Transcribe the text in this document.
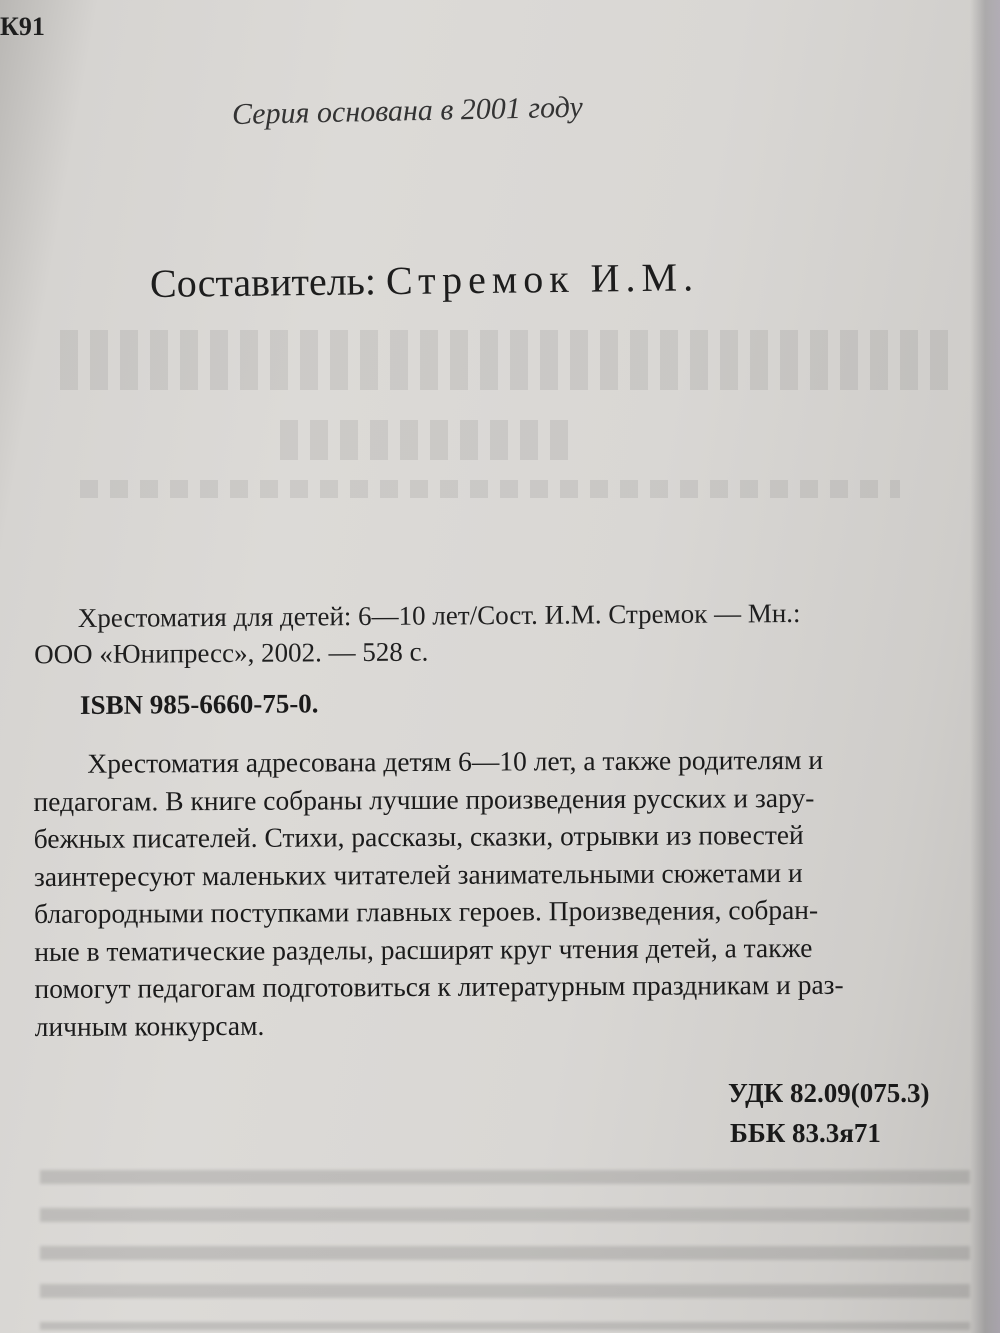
К91
Серия основана в 2001 году
Составитель: Стремок И.М.
Хрестоматия для детей: 6—10 лет/Сост. И.М. Стремок — Мн.:
ООО «Юнипресс», 2002. — 528 с.
ISBN 985-6660-75-0.
Хрестоматия адресована детям 6—10 лет, а также родителям и
педагогам. В книге собраны лучшие произведения русских и зару-
бежных писателей. Стихи, рассказы, сказки, отрывки из повестей
заинтересуют маленьких читателей занимательными сюжетами и
благородными поступками главных героев. Произведения, собран-
ные в тематические разделы, расширят круг чтения детей, а также
помогут педагогам подготовиться к литературным праздникам и раз-
личным конкурсам.
УДК 82.09(075.3)
ББК 83.3я71
